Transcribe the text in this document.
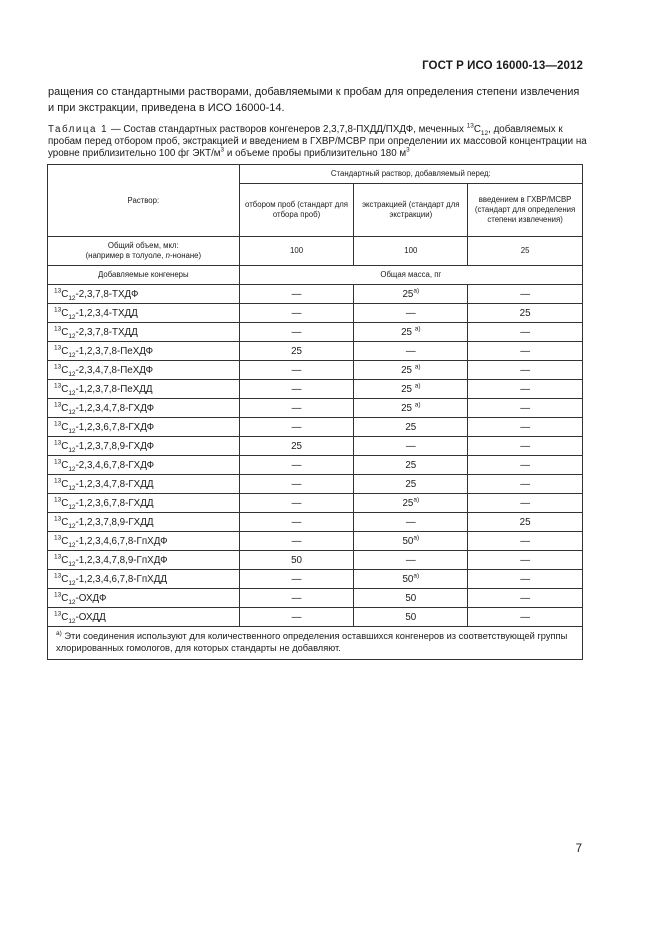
ГОСТ Р ИСО 16000-13—2012
ращения со стандартными растворами, добавляемыми к пробам для определения степени извлечения и при экстракции, приведена в ИСО 16000-14.
Таблица 1 — Состав стандартных растворов конгенеров 2,3,7,8-ПХДД/ПХДФ, меченных $^{13}C_{12}$, добавляемых к пробам перед отбором проб, экстракцией и введением в ГХВР/МСВР при определении их массовой концентрации на уровне приблизительно 100 фг ЭКТ/$м^3$ и объеме пробы приблизительно 180 $м^3$
Раствор:	Стандартный раствор, добавляемый перед:		
	отбором проб (стандарт для отбора проб)	экстракцией (стандарт для экстракции)	введением в ГХВР/МСВР (стандарт для определения степени извлечения)
Общий объем, мкл:
(например в толуоле, n-нонане)	100	100	25
Добавляемые конгенеры	Общая масса, пг		
$^{13}C_{12}-2,3,7,8$-ТХДФ	—	$25^{а)}$	—
$^{13}C_{12}-1,2,3,4$-ТХДД	—	—	25
$^{13}C_{12}-2,3,7,8$-ТХДД	—	25 $^{а)}$	—
$^{13}C_{12}-1,2,3,7,8$-ПеХДФ	25	—	—
$^{13}C_{12}-2,3,4,7,8$-ПеХДФ	—	25 $^{а)}$	—
$^{13}C_{12}-1,2,3,7,8$-ПеХДД	—	25 $^{а)}$	—
$^{13}C_{12}-1,2,3,4,7,8$-ГХДФ	—	25 $^{а)}$	—
$^{13}C_{12}-1,2,3,6,7,8$-ГХДФ	—	25	—
$^{13}C_{12}-1,2,3,7,8,9$-ГХДФ	25	—	—
$^{13}C_{12}-2,3,4,6,7,8$-ГХДФ	—	25	—
$^{13}C_{12}-1,2,3,4,7,8$-ГХДД	—	25	—
$^{13}C_{12}-1,2,3,6,7,8$-ГХДД	—	$25^{а)}$	—
$^{13}C_{12}-1,2,3,7,8,9$-ГХДД	—	—	25
$^{13}C_{12}-1,2,3,4,6,7,8$-ГпХДФ	—	$50^{а)}$	—
$^{13}C_{12}-1,2,3,4,7,8,9$-ГпХДФ	50	—	—
$^{13}C_{12}-1,2,3,4,6,7,8$-ГпХДД	—	$50^{а)}$	—
$^{13}C_{12}$-ОХДФ	—	50	—
$^{13}C_{12}$-ОХДД	—	50	—
$^{а)}$ Эти соединения используют для количественного определения оставшихся конгенеров из соответствующей группы хлорированных гомологов, для которых стандарты не добавляют.			
7
